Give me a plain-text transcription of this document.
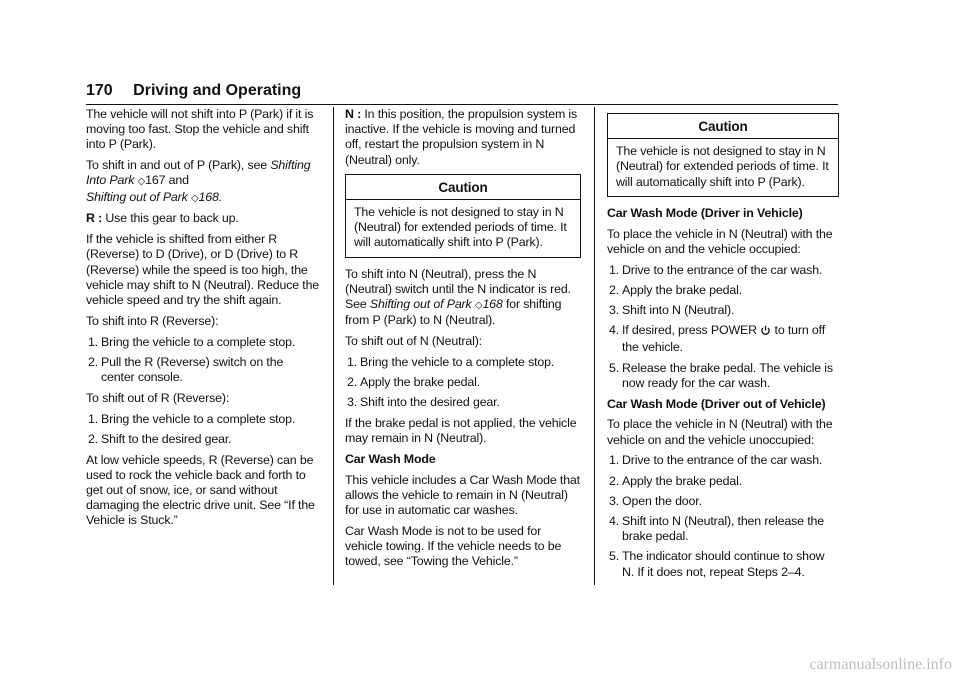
170 Driving and Operating

The vehicle will not shift into P (Park) if it is moving too fast. Stop the vehicle and shift into P (Park).

To shift in and out of P (Park), see Shifting Into Park ◇167 and
Shifting out of Park ◇168.

R : Use this gear to back up.

If the vehicle is shifted from either R (Reverse) to D (Drive), or D (Drive) to R (Reverse) while the speed is too high, the vehicle may shift to N (Neutral). Reduce the vehicle speed and try the shift again.

To shift into R (Reverse):

1. Bring the vehicle to a complete stop.
2. Pull the R (Reverse) switch on the center console.

To shift out of R (Reverse):

1. Bring the vehicle to a complete stop.
2. Shift to the desired gear.

At low vehicle speeds, R (Reverse) can be used to rock the vehicle back and forth to get out of snow, ice, or sand without damaging the electric drive unit. See “If the Vehicle is Stuck.”

N : In this position, the propulsion system is inactive. If the vehicle is moving and turned off, restart the propulsion system in N (Neutral) only.

Caution
The vehicle is not designed to stay in N (Neutral) for extended periods of time. It will automatically shift into P (Park).

To shift into N (Neutral), press the N (Neutral) switch until the N indicator is red. See Shifting out of Park ◇168 for shifting from P (Park) to N (Neutral).

To shift out of N (Neutral):

1. Bring the vehicle to a complete stop.
2. Apply the brake pedal.
3. Shift into the desired gear.

If the brake pedal is not applied, the vehicle may remain in N (Neutral).

Car Wash Mode

This vehicle includes a Car Wash Mode that allows the vehicle to remain in N (Neutral) for use in automatic car washes.

Car Wash Mode is not to be used for vehicle towing. If the vehicle needs to be towed, see “Towing the Vehicle.”

Caution
The vehicle is not designed to stay in N (Neutral) for extended periods of time. It will automatically shift into P (Park).

Car Wash Mode (Driver in Vehicle)

To place the vehicle in N (Neutral) with the vehicle on and the vehicle occupied:

1. Drive to the entrance of the car wash.
2. Apply the brake pedal.
3. Shift into N (Neutral).
4. If desired, press POWER  to turn off the vehicle.
5. Release the brake pedal. The vehicle is now ready for the car wash.

Car Wash Mode (Driver out of Vehicle)

To place the vehicle in N (Neutral) with the vehicle on and the vehicle unoccupied:

1. Drive to the entrance of the car wash.
2. Apply the brake pedal.
3. Open the door.
4. Shift into N (Neutral), then release the brake pedal.
5. The indicator should continue to show N. If it does not, repeat Steps 2–4.
carmanualsonline.info
